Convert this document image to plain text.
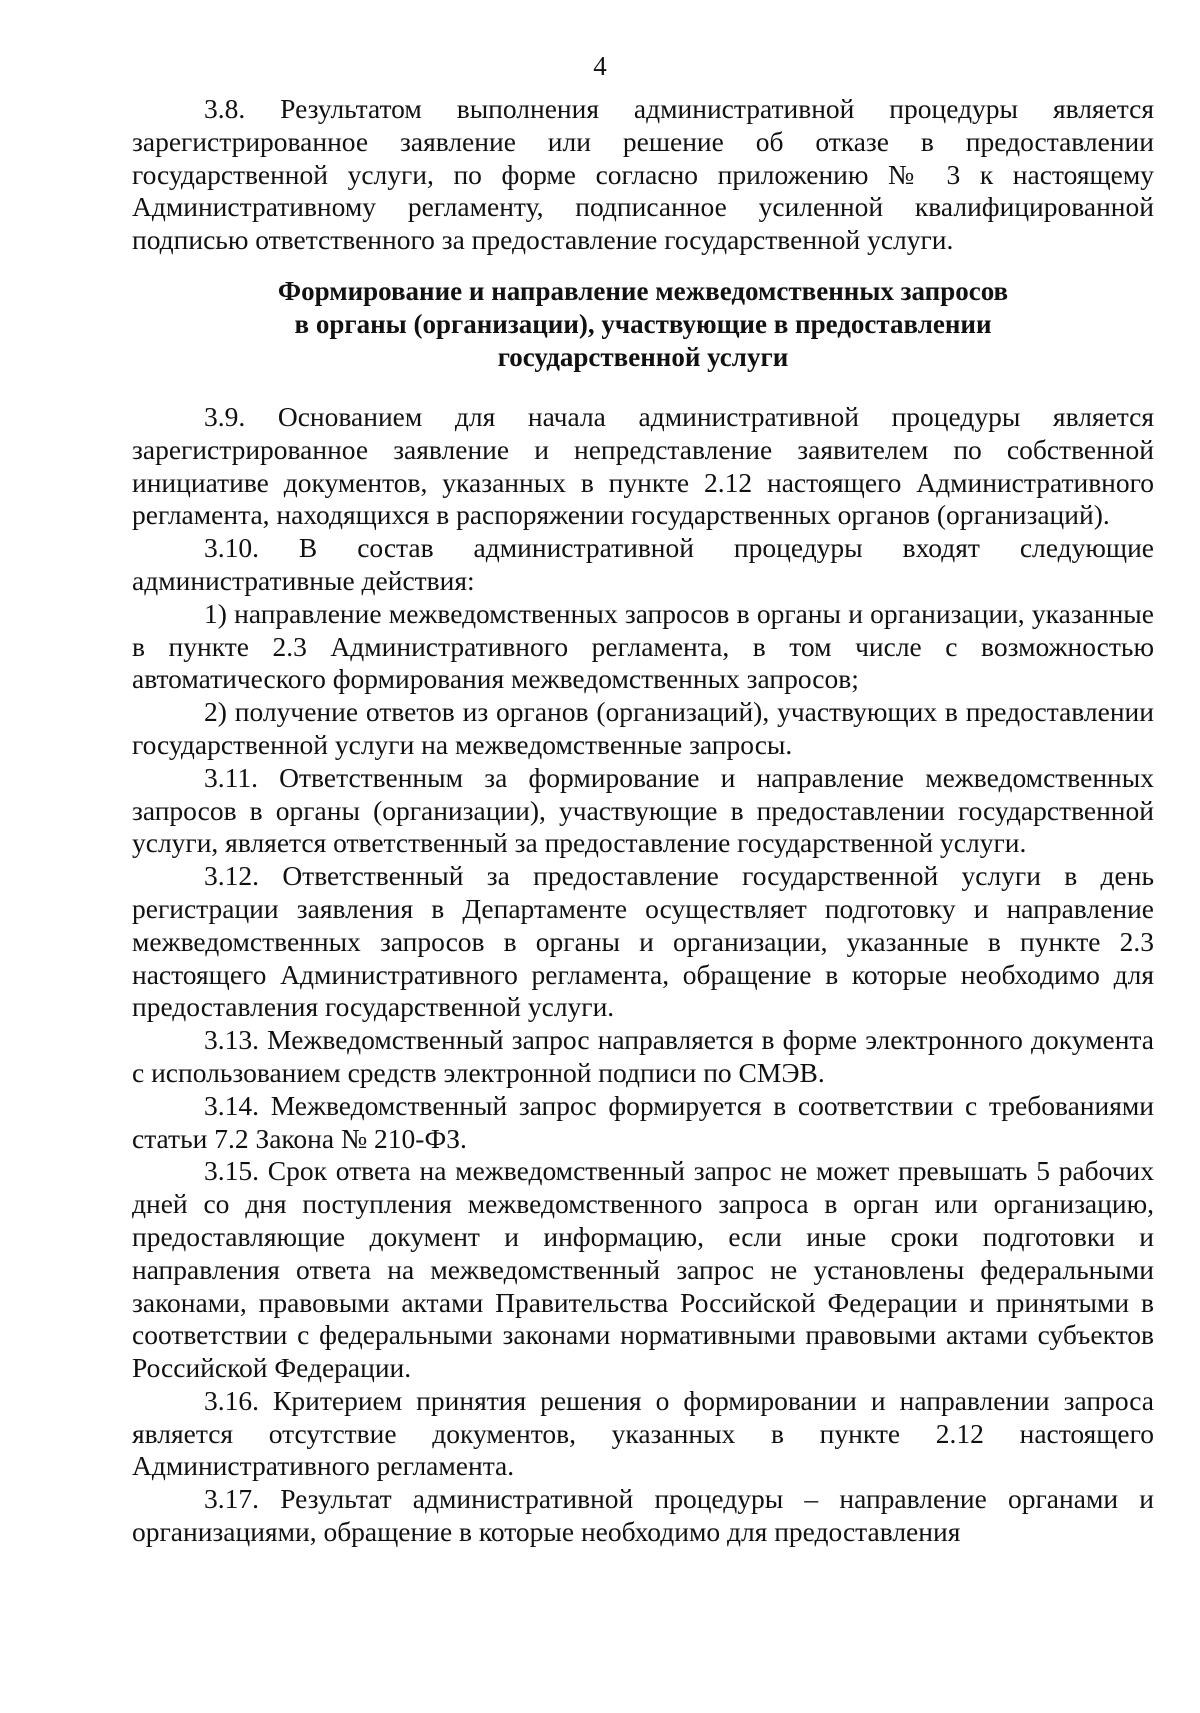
4

3.8. Результатом выполнения административной процедуры является зарегистрированное заявление или решение об отказе в предоставлении государственной услуги, по форме согласно приложению № 3 к настоящему Административному регламенту, подписанное усиленной квалифицированной подписью ответственного за предоставление государственной услуги.

Формирование и направление межведомственных запросов
в органы (организации), участвующие в предоставлении
государственной услуги

3.9. Основанием для начала административной процедуры является зарегистрированное заявление и непредставление заявителем по собственной инициативе документов, указанных в пункте 2.12 настоящего Административного регламента, находящихся в распоряжении государственных органов (организаций).

3.10. В состав административной процедуры входят следующие административные действия:

1) направление межведомственных запросов в органы и организации, указанные в пункте 2.3 Административного регламента, в том числе с возможностью автоматического формирования межведомственных запросов;

2) получение ответов из органов (организаций), участвующих в предоставлении государственной услуги на межведомственные запросы.

3.11. Ответственным за формирование и направление межведомственных запросов в органы (организации), участвующие в предоставлении государственной услуги, является ответственный за предоставление государственной услуги.

3.12. Ответственный за предоставление государственной услуги в день регистрации заявления в Департаменте осуществляет подготовку и направление межведомственных запросов в органы и организации, указанные в пункте 2.3 настоящего Административного регламента, обращение в которые необходимо для предоставления государственной услуги.

3.13. Межведомственный запрос направляется в форме электронного документа с использованием средств электронной подписи по СМЭВ.

3.14. Межведомственный запрос формируется в соответствии с требованиями статьи 7.2 Закона № 210-ФЗ.

3.15. Срок ответа на межведомственный запрос не может превышать 5 рабочих дней со дня поступления межведомственного запроса в орган или организацию, предоставляющие документ и информацию, если иные сроки подготовки и направления ответа на межведомственный запрос не установлены федеральными законами, правовыми актами Правительства Российской Федерации и принятыми в соответствии с федеральными законами нормативными правовыми актами субъектов Российской Федерации.

3.16. Критерием принятия решения о формировании и направлении запроса является отсутствие документов, указанных в пункте 2.12 настоящего Административного регламента.

3.17. Результат административной процедуры – направление органами и организациями, обращение в которые необходимо для предоставления
